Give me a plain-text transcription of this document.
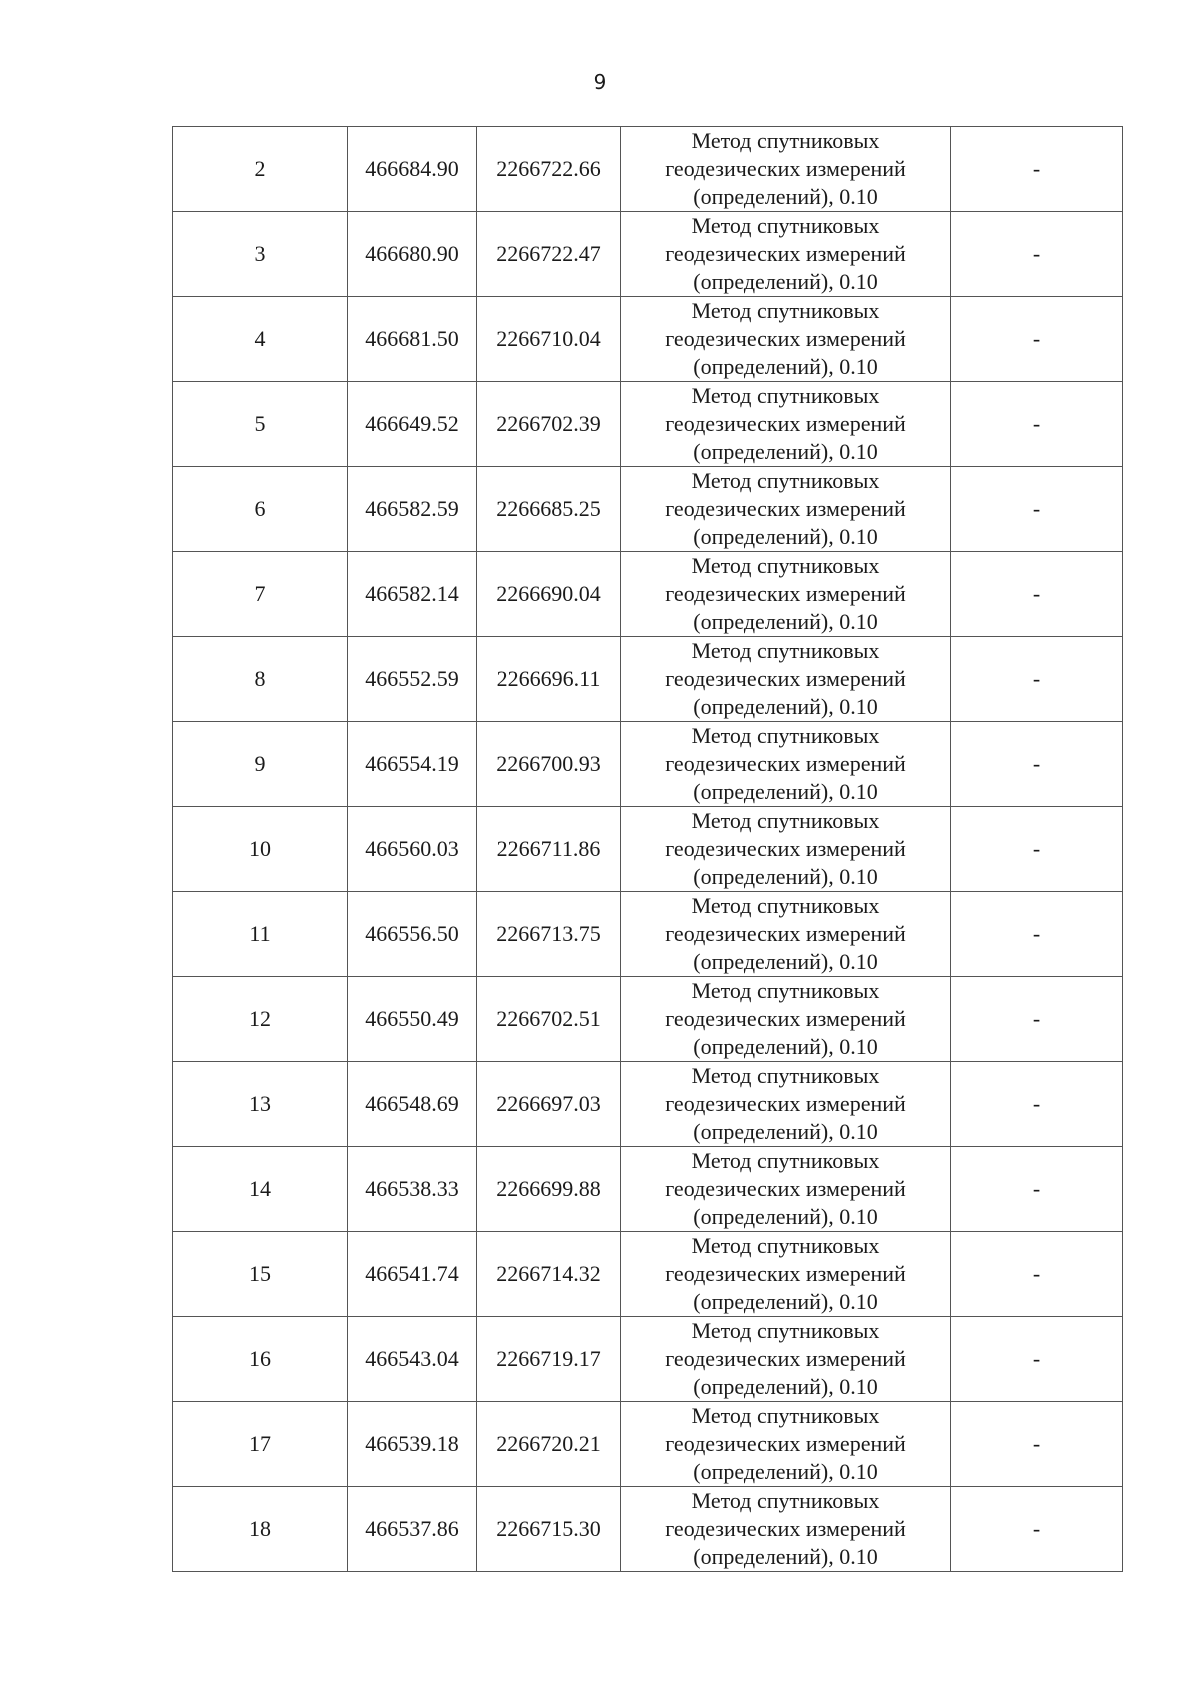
9
2	466684.90	2266722.66	Метод спутниковых геодезических измерений (определений), 0.10	-
3	466680.90	2266722.47	Метод спутниковых геодезических измерений (определений), 0.10	-
4	466681.50	2266710.04	Метод спутниковых геодезических измерений (определений), 0.10	-
5	466649.52	2266702.39	Метод спутниковых геодезических измерений (определений), 0.10	-
6	466582.59	2266685.25	Метод спутниковых геодезических измерений (определений), 0.10	-
7	466582.14	2266690.04	Метод спутниковых геодезических измерений (определений), 0.10	-
8	466552.59	2266696.11	Метод спутниковых геодезических измерений (определений), 0.10	-
9	466554.19	2266700.93	Метод спутниковых геодезических измерений (определений), 0.10	-
10	466560.03	2266711.86	Метод спутниковых геодезических измерений (определений), 0.10	-
11	466556.50	2266713.75	Метод спутниковых геодезических измерений (определений), 0.10	-
12	466550.49	2266702.51	Метод спутниковых геодезических измерений (определений), 0.10	-
13	466548.69	2266697.03	Метод спутниковых геодезических измерений (определений), 0.10	-
14	466538.33	2266699.88	Метод спутниковых геодезических измерений (определений), 0.10	-
15	466541.74	2266714.32	Метод спутниковых геодезических измерений (определений), 0.10	-
16	466543.04	2266719.17	Метод спутниковых геодезических измерений (определений), 0.10	-
17	466539.18	2266720.21	Метод спутниковых геодезических измерений (определений), 0.10	-
18	466537.86	2266715.30	Метод спутниковых геодезических измерений (определений), 0.10	-
